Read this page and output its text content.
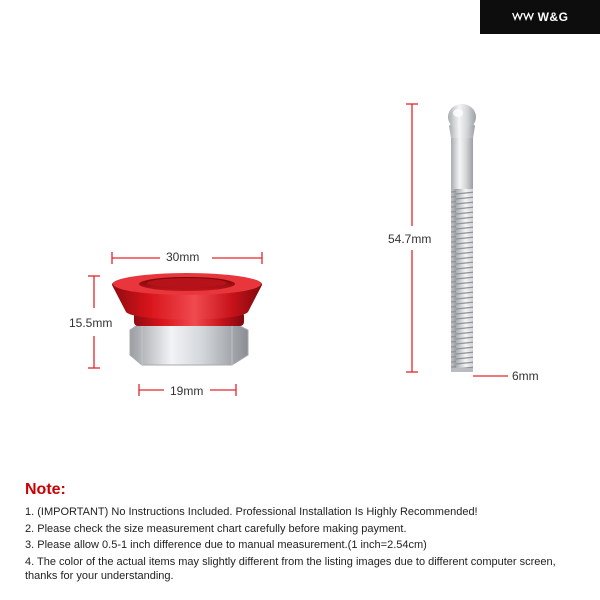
W&G
30mm
15.5mm
19mm
54.7mm
6mm
Note:
1. (IMPORTANT) No Instructions Included. Professional Installation Is Highly Recommended!
2. Please check the size measurement chart carefully before making payment.
3. Please allow 0.5-1 inch difference due to manual measurement.(1 inch=2.54cm)
4. The color of the actual items may slightly different from the listing images due to different computer screen, thanks for your understanding.
